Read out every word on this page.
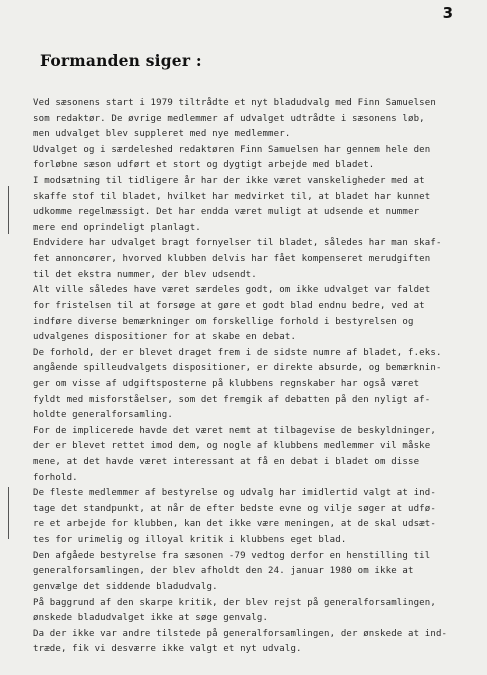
3
Formanden siger :
Ved sæsonens start i 1979 tiltrådte et nyt bladudvalg med Finn Samuelsen
som redaktør. De øvrige medlemmer af udvalget udtrådte i sæsonens løb,
men udvalget blev suppleret med nye medlemmer.
Udvalget og i særdeleshed redaktøren Finn Samuelsen har gennem hele den
forløbne sæson udført et stort og dygtigt arbejde med bladet.
I modsætning til tidligere år har der ikke været vanskeligheder med at
skaffe stof til bladet, hvilket har medvirket til, at bladet har kunnet
udkomme regelmæssigt. Det har endda været muligt at udsende et nummer
mere end oprindeligt planlagt.
Endvidere har udvalget bragt fornyelser til bladet, således har man skaf-
fet annoncører, hvorved klubben delvis har fået kompenseret merudgiften
til det ekstra nummer, der blev udsendt.
Alt ville således have været særdeles godt, om ikke udvalget var faldet
for fristelsen til at forsøge at gøre et godt blad endnu bedre, ved at
indføre diverse bemærkninger om forskellige forhold i bestyrelsen og
udvalgenes dispositioner for at skabe en debat.
De forhold, der er blevet draget frem i de sidste numre af bladet, f.eks.
angående spilleudvalgets dispositioner, er direkte absurde, og bemærknin-
ger om visse af udgiftsposterne på klubbens regnskaber har også været
fyldt med misforståelser, som det fremgik af debatten på den nyligt af-
holdte generalforsamling.
For de implicerede havde det været nemt at tilbagevise de beskyldninger,
der er blevet rettet imod dem, og nogle af klubbens medlemmer vil måske
mene, at det havde været interessant at få en debat i bladet om disse
forhold.
De fleste medlemmer af bestyrelse og udvalg har imidlertid valgt at ind-
tage det standpunkt, at når de efter bedste evne og vilje søger at udfø-
re et arbejde for klubben, kan det ikke være meningen, at de skal udsæt-
tes for urimelig og illoyal kritik i klubbens eget blad.
Den afgåede bestyrelse fra sæsonen -79 vedtog derfor en henstilling til
generalforsamlingen, der blev afholdt den 24. januar 1980 om ikke at
genvælge det siddende bladudvalg.
På baggrund af den skarpe kritik, der blev rejst på generalforsamlingen,
ønskede bladudvalget ikke at søge genvalg.
Da der ikke var andre tilstede på generalforsamlingen, der ønskede at ind-
træde, fik vi desværre ikke valgt et nyt udvalg.
